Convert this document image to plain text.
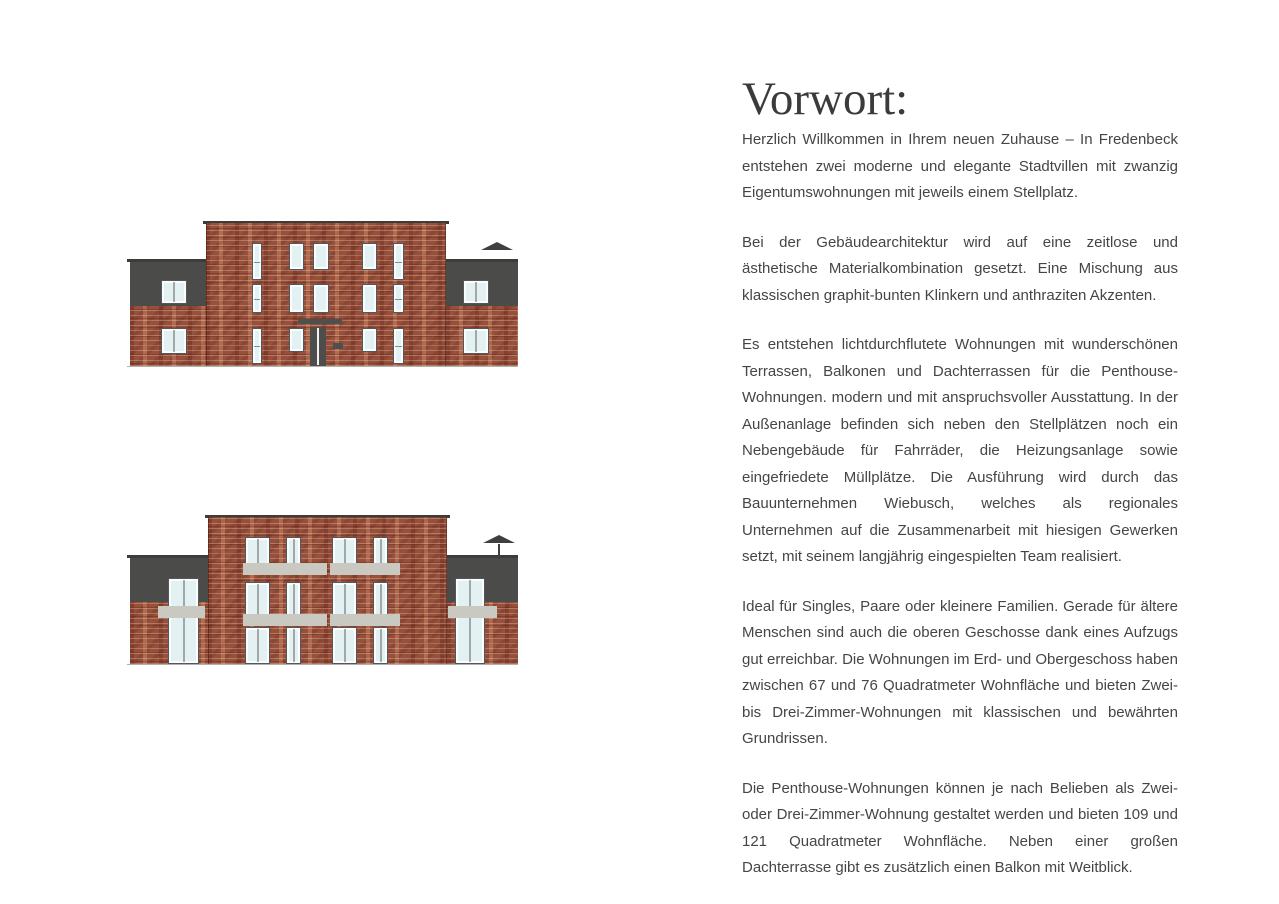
Vorwort:

Herzlich Willkommen in Ihrem neuen Zuhause – In Fredenbeck entstehen zwei moderne und elegante Stadtvillen mit zwanzig Eigentumswohnungen mit jeweils einem Stellplatz.

Bei der Gebäudearchitektur wird auf eine zeitlose und ästhetische Materialkombination gesetzt. Eine Mischung aus klassischen graphit-bunten Klinkern und anthraziten Akzenten.

Es entstehen lichtdurchflutete Wohnungen mit wunderschönen Terrassen, Balkonen und Dachterrassen für die Penthouse-Wohnungen. modern und mit anspruchsvoller Ausstattung. In der Außenanlage befinden sich neben den Stellplätzen noch ein Nebengebäude für Fahrräder, die Heizungsanlage sowie eingefriedete Müllplätze. Die Ausführung wird durch das Bauunternehmen Wiebusch, welches als regionales Unternehmen auf die Zusammenarbeit mit hiesigen Gewerken setzt, mit seinem langjährig eingespielten Team realisiert.

Ideal für Singles, Paare oder kleinere Familien. Gerade für ältere Menschen sind auch die oberen Geschosse dank eines Aufzugs gut erreichbar. Die Wohnungen im Erd- und Obergeschoss haben zwischen 67 und 76 Quadratmeter Wohnfläche und bieten Zwei-bis Drei-Zimmer-Wohnungen mit klassischen und bewährten Grundrissen.

Die Penthouse-Wohnungen können je nach Belieben als Zwei- oder Drei-Zimmer-Wohnung gestaltet werden und bieten 109 und 121 Quadratmeter Wohnfläche. Neben einer großen Dachterrasse gibt es zusätzlich einen Balkon mit Weitblick.
